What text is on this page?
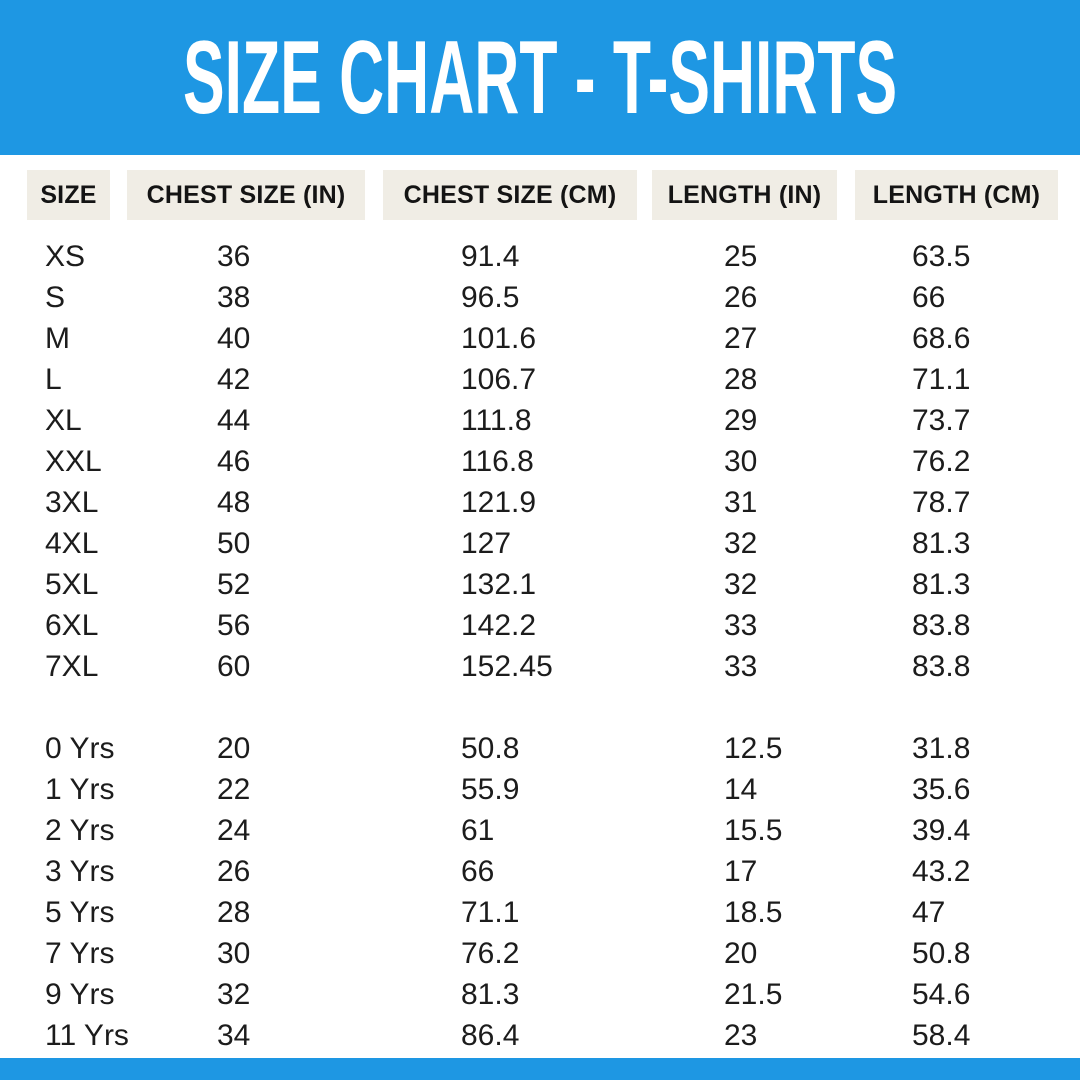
SIZE CHART - T-SHIRTS
SIZE	CHEST SIZE (IN)	CHEST SIZE (CM)	LENGTH (IN)	LENGTH (CM)
XS	36	91.4	25	63.5
S	38	96.5	26	66
M	40	101.6	27	68.6
L	42	106.7	28	71.1
XL	44	111.8	29	73.7
XXL	46	116.8	30	76.2
3XL	48	121.9	31	78.7
4XL	50	127	32	81.3
5XL	52	132.1	32	81.3
6XL	56	142.2	33	83.8
7XL	60	152.45	33	83.8
0 Yrs	20	50.8	12.5	31.8
1 Yrs	22	55.9	14	35.6
2 Yrs	24	61	15.5	39.4
3 Yrs	26	66	17	43.2
5 Yrs	28	71.1	18.5	47
7 Yrs	30	76.2	20	50.8
9 Yrs	32	81.3	21.5	54.6
11 Yrs	34	86.4	23	58.4
